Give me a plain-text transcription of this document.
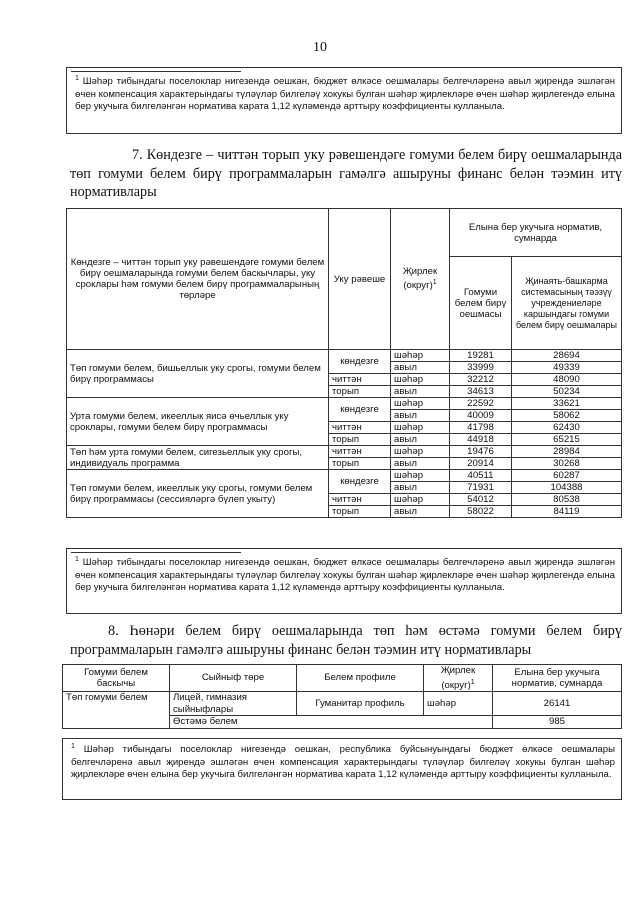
10
$^1$ Шәһәр тибындагы поселоклар нигезендә оешкан, бюджет өлкәсе оешмалары белгечләренә авыл җирендә эшләгән өчен компенсация характерындагы түләүләр билгеләү хокукы булган шәһәр җирлекләре өчен шәһәр җирлегендә елына бер укучыга билгеләнгән норматива карата 1,12 күләмендә арттыру коэффициенты кулланыла.
7. Көндезге – читтән торып уку рәвешендәге гомуми белем бирү оешмаларында төп гомуми белем бирү программаларын гамәлгә ашыруны финанс белән тәэмин итү нормативлары
Көндезге – читтән торып уку рәвешендәге гомуми белем бирү оешмаларында гомуми белем баскычлары, уку сроклары һәм гомуми белем бирү программаларының төрләре	Уку рәвеше	Җирлек (округ)$^1$	Елына бер укучыга норматив, сумнарда	
			Гомуми белем бирү оешмасы	Җинаять-башкарма системасының тәэзүү учреждениеләре каршындагы гомуми белем бирү оешмалары
Төп гомуми белем, бишьеллык уку срогы, гомуми белем бирү программасы	көндезге	шәһәр	19281	28694
		авыл	33999	49339
	читтән	шәһәр	32212	48090
	торып	авыл	34613	50234
Урта гомуми белем, икееллык яисә өчьеллык уку сроклары, гомуми белем бирү программасы	көндезге	шәһәр	22592	33621
		авыл	40009	58062
	читтән	шәһәр	41798	62430
	торып	авыл	44918	65215
Төп һәм урта гомуми белем, сигезьеллык уку срогы, индивидуаль программа	читтән	шәһәр	19476	28984
	торып	авыл	20914	30268
Төп гомуми белем, икееллык уку срогы, гомуми белем бирү программасы (сессияләргә бүлеп укыту)	көндезге	шәһәр	40511	60287
		авыл	71931	104388
	читтән	шәһәр	54012	80538
	торып	авыл	58022	84119
$^1$ Шәһәр тибындагы поселоклар нигезендә оешкан, бюджет өлкәсе оешмалары белгечләренә авыл җирендә эшләгән өчен компенсация характерындагы түләүләр билгеләү хокукы булган шәһәр җирлекләре өчен шәһәр җирлегендә елына бер укучыга билгеләнгән норматива карата 1,12 күләмендә арттыру коэффициенты кулланыла.
8. Һөнәри белем бирү оешмаларында төп һәм өстәмә гомуми белем бирү программаларын гамәлгә ашыруны финанс белән тәэмин итү нормативлары
Гомуми белем баскычы	Сыйныф төре	Белем профиле	Җирлек (округ)$^1$	Елына бер укучыга норматив, сумнарда
Төп гомуми белем	Лицей, гимназия сыйныфлары	Гуманитар профиль	шәһәр	26141
	Өстәмә белем			985
$^1$ Шәһәр тибындагы поселоклар нигезендә оешкан, республика буйсынуындагы бюджет өлкәсе оешмалары белгечләренә авыл җирендә эшләгән өчен компенсация характерындагы түләүләр билгеләү хокукы булган шәһәр җирлекләре өчен елына бер укучыга билгеләнгән норматива карата 1,12 күләмендә арттыру коэффициенты кулланыла.
